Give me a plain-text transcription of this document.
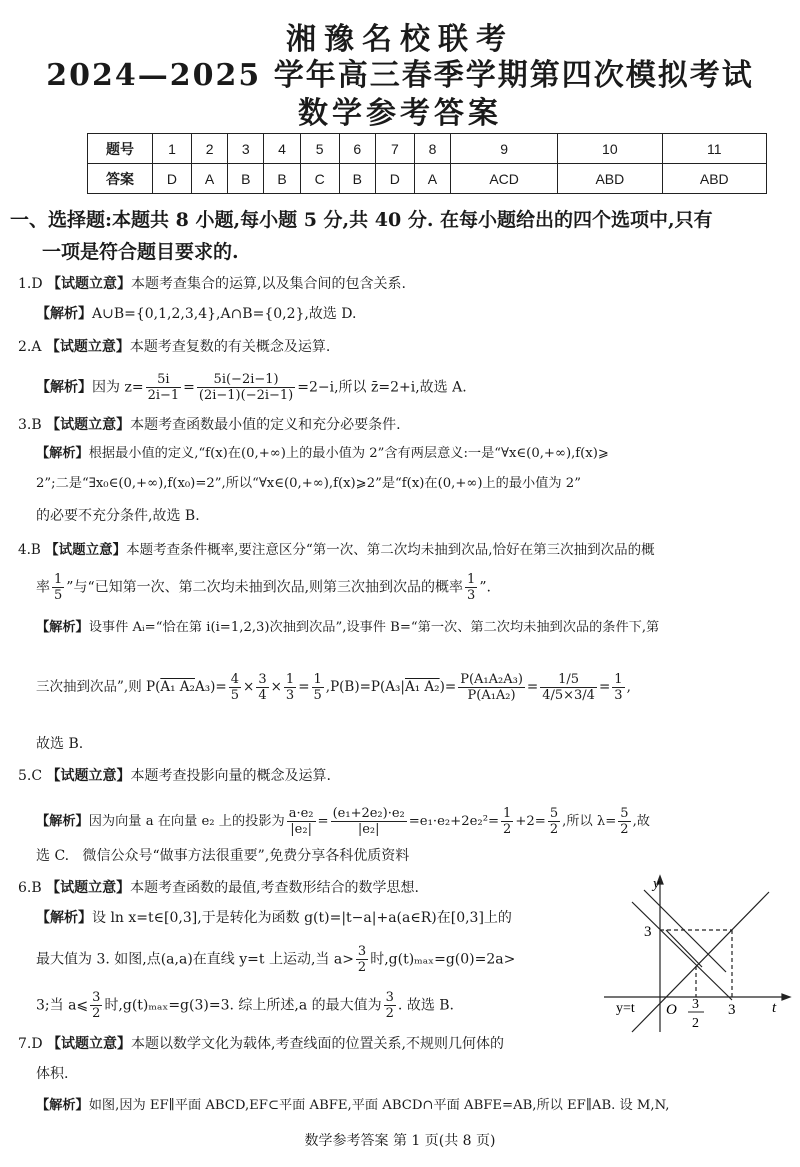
湘豫名校联考
2024—2025 学年高三春季学期第四次模拟考试
数学参考答案
题号	1	2	3	4	5	6	7	8	9	10	11
答案	D	A	B	B	C	B	D	A	ACD	ABD	ABD
一、选择题:本题共 8 小题,每小题 5 分,共 40 分. 在每小题给出的四个选项中,只有
一项是符合题目要求的.
1.D 【试题立意】本题考查集合的运算,以及集合间的包含关系.
【解析】A∪B={0,1,2,3,4},A∩B={0,2},故选 D.
2.A 【试题立意】本题考查复数的有关概念及运算.
【解析】因为 $z= \frac{5i}{2i-1} = \frac{5i(-2i-1)}{(2i-1)(-2i-1)} =2-i$,所以 z̄=2+i,故选 A.
3.B 【试题立意】本题考查函数最小值的定义和充分必要条件.
【解析】根据最小值的定义,“f(x)在(0,+∞)上的最小值为 2”含有两层意义:一是“∀x∈(0,+∞),f(x)⩾
2”;二是“∃x₀∈(0,+∞),f(x₀)=2”,所以“∀x∈(0,+∞),f(x)⩾2”是“f(x)在(0,+∞)上的最小值为 2”
的必要不充分条件,故选 B.
4.B 【试题立意】本题考查条件概率,要注意区分“第一次、第二次均未抽到次品,恰好在第三次抽到次品的概
率 $\frac{1}{5}$ ”与“已知第一次、第二次均未抽到次品,则第三次抽到次品的概率 $\frac{1}{3}$ ”.
【解析】设事件 Aᵢ=“恰在第 i(i=1,2,3)次抽到次品”,设事件 B=“第一次、第二次均未抽到次品的条件下,第
三次抽到次品”,则 P(A₁ $A_2A_3)= \frac{4}{5} \times \frac{3}{4} \times \frac{1}{3} = \frac{1}{5} ,P(B)=P(A_3|A_1$ $A_2)= \frac{\text{P(A₁A₂A₃)}}{\text{P(A₁A₂)}} = \frac{1/5}{4/5\times 3/4} = \frac{1}{3}$ ,
故选 B.
5.C 【试题立意】本题考查投影向量的概念及运算.
【解析】因为向量 a 在向量 e₂ 上的投影为 $\frac{\text{a·e₂}}{\text{|e₂|}} = \frac{\text{(e₁+2e₂)·e₂}}{\text{|e₂|}} =e_1\cdot e_2+2e_2^2= \frac{1}{2} +2= \frac{5}{2}$ ,所以 $\lambda= \frac{5}{2}$ ,故
选 C. 微信公众号“做事方法很重要”,免费分享各科优质资料
6.B 【试题立意】本题考查函数的最值,考查数形结合的数学思想.
【解析】设 ln x=t∈[0,3],于是转化为函数 g(t)=|t−a|+a(a∈R)在[0,3]上的
最大值为 3. 如图,点(a,a)在直线 y=t 上运动,当 $a> \frac{3}{2}$ 时,g(t)ₘₐₓ=g(0)=2a>
3;当 a⩽ $\frac{3}{2}$ 时,g(t)ₘₐₓ=g(3)=3. 综上所述,a 的最大值为 $\frac{3}{2}$ . 故选 B.
y
t
O
3
3
3
2
y=t
7.D 【试题立意】本题以数学文化为载体,考查线面的位置关系,不规则几何体的
体积.
【解析】如图,因为 EF∥平面 ABCD,EF⊂平面 ABFE,平面 ABCD∩平面 ABFE=AB,所以 EF∥AB. 设 M,N,
数学参考答案 第 1 页(共 8 页)
